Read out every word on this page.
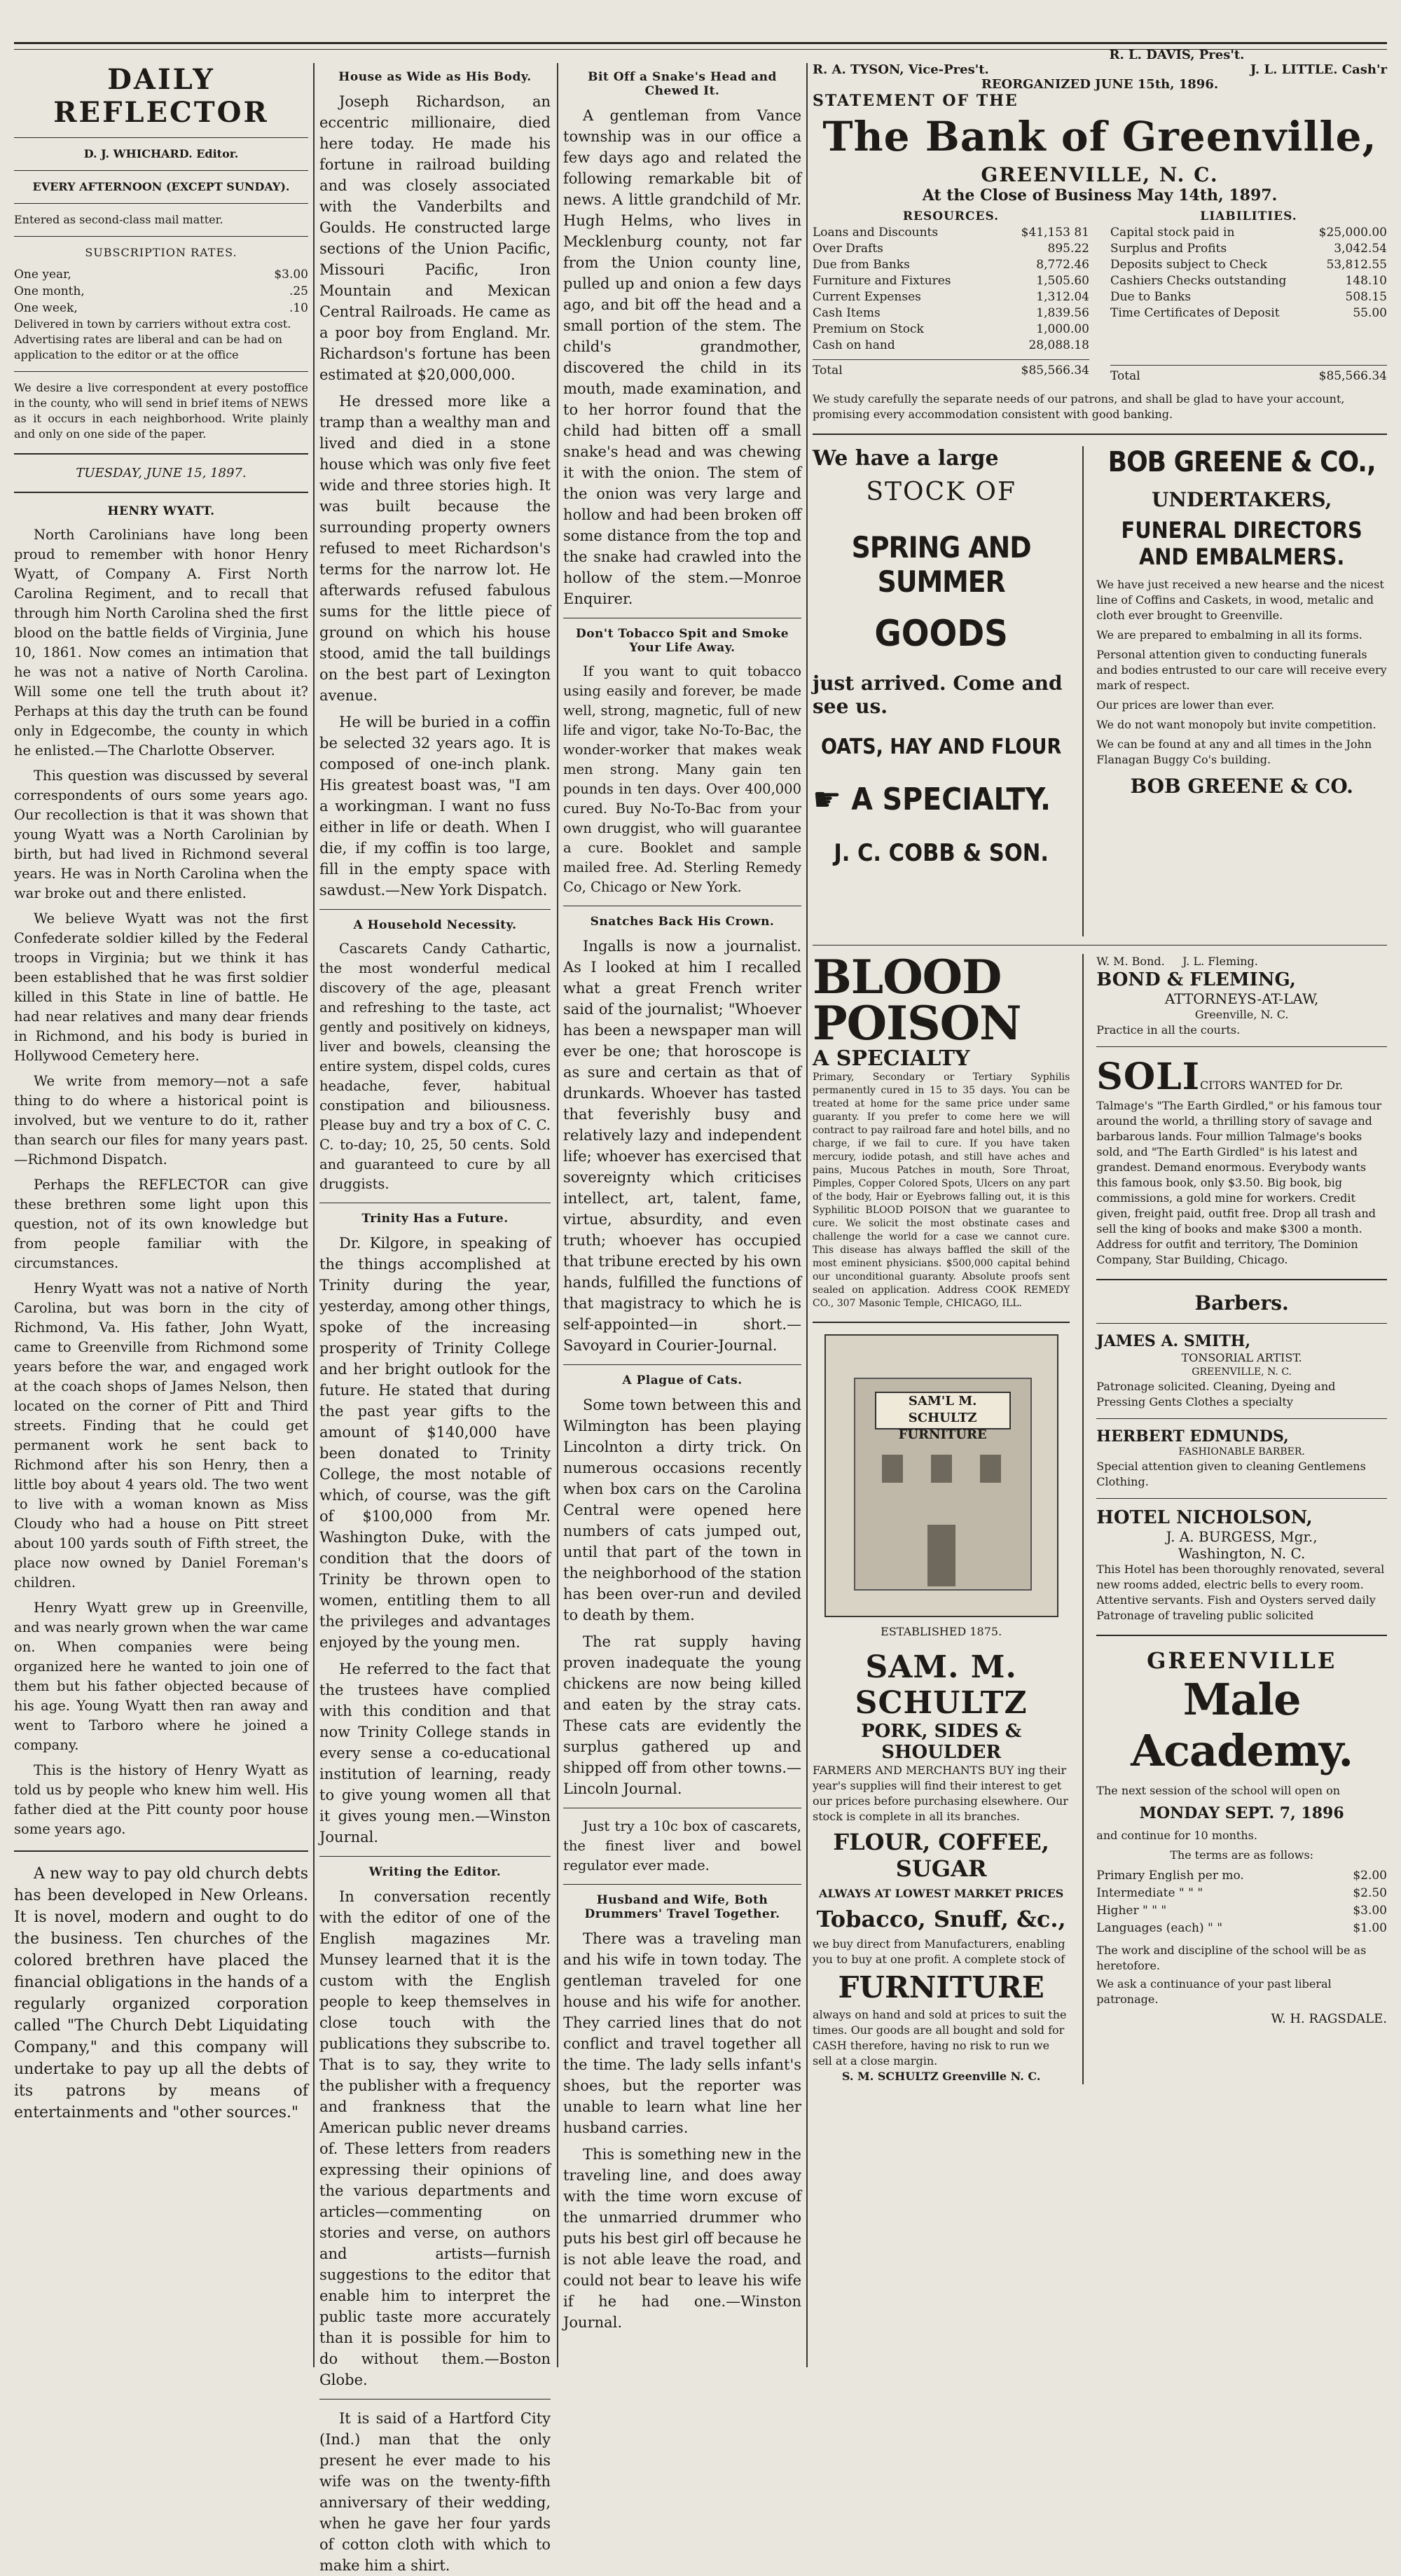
DAILY REFLECTOR
D. J. WHICHARD. Editor.
EVERY AFTERNOON (EXCEPT SUNDAY).
Entered as second-class mail matter.
SUBSCRIPTION RATES.
One year,	$3.00
One month,	.25
One week,	.10
Delivered in town by carriers without extra cost.
Advertising rates are liberal and can be had on application to the editor or at the office
We desire a live correspondent at every postoffice in the county, who will send in brief items of NEWS as it occurs in each neighborhood. Write plainly and only on one side of the paper.
TUESDAY, JUNE 15, 1897.
HENRY WYATT.

North Carolinians have long been proud to remember with honor Henry Wyatt, of Company A. First North Carolina Regiment, and to recall that through him North Carolina shed the first blood on the battle fields of Virginia, June 10, 1861. Now comes an intimation that he was not a native of North Carolina. Will some one tell the truth about it? Perhaps at this day the truth can be found only in Edgecombe, the county in which he enlisted.—The Charlotte Observer.

This question was discussed by several correspondents of ours some years ago. Our recollection is that it was shown that young Wyatt was a North Carolinian by birth, but had lived in Richmond several years. He was in North Carolina when the war broke out and there enlisted.

We believe Wyatt was not the first Confederate soldier killed by the Federal troops in Virginia; but we think it has been established that he was first soldier killed in this State in line of battle. He had near relatives and many dear friends in Richmond, and his body is buried in Hollywood Cemetery here.

We write from memory—not a safe thing to do where a historical point is involved, but we venture to do it, rather than search our files for many years past.—Richmond Dispatch.

Perhaps the REFLECTOR can give these brethren some light upon this question, not of its own knowledge but from people familiar with the circumstances.

Henry Wyatt was not a native of North Carolina, but was born in the city of Richmond, Va. His father, John Wyatt, came to Greenville from Richmond some years before the war, and engaged work at the coach shops of James Nelson, then located on the corner of Pitt and Third streets. Finding that he could get permanent work he sent back to Richmond after his son Henry, then a little boy about 4 years old. The two went to live with a woman known as Miss Cloudy who had a house on Pitt street about 100 yards south of Fifth street, the place now owned by Daniel Foreman's children.

Henry Wyatt grew up in Greenville, and was nearly grown when the war came on. When companies were being organized here he wanted to join one of them but his father objected because of his age. Young Wyatt then ran away and went to Tarboro where he joined a company.

This is the history of Henry Wyatt as told us by people who knew him well. His father died at the Pitt county poor house some years ago.

A new way to pay old church debts has been developed in New Orleans. It is novel, modern and ought to do the business. Ten churches of the colored brethren have placed the financial obligations in the hands of a regularly organized corporation called "The Church Debt Liquidating Company," and this company will undertake to pay up all the debts of its patrons by means of entertainments and "other sources."

House as Wide as His Body.

Joseph Richardson, an eccentric millionaire, died here today. He made his fortune in railroad building and was closely associated with the Vanderbilts and Goulds. He constructed large sections of the Union Pacific, Missouri Pacific, Iron Mountain and Mexican Central Railroads. He came as a poor boy from England. Mr. Richardson's fortune has been estimated at $20,000,000.

He dressed more like a tramp than a wealthy man and lived and died in a stone house which was only five feet wide and three stories high. It was built because the surrounding property owners refused to meet Richardson's terms for the narrow lot. He afterwards refused fabulous sums for the little piece of ground on which his house stood, amid the tall buildings on the best part of Lexington avenue.

He will be buried in a coffin be selected 32 years ago. It is composed of one-inch plank. His greatest boast was, "I am a workingman. I want no fuss either in life or death. When I die, if my coffin is too large, fill in the empty space with sawdust.—New York Dispatch.

A Household Necessity.

Cascarets Candy Cathartic, the most wonderful medical discovery of the age, pleasant and refreshing to the taste, act gently and positively on kidneys, liver and bowels, cleansing the entire system, dispel colds, cures headache, fever, habitual constipation and biliousness. Please buy and try a box of C. C. C. to-day; 10, 25, 50 cents. Sold and guaranteed to cure by all druggists.

Trinity Has a Future.

Dr. Kilgore, in speaking of the things accomplished at Trinity during the year, yesterday, among other things, spoke of the increasing prosperity of Trinity College and her bright outlook for the future. He stated that during the past year gifts to the amount of $140,000 have been donated to Trinity College, the most notable of which, of course, was the gift of $100,000 from Mr. Washington Duke, with the condition that the doors of Trinity be thrown open to women, entitling them to all the privileges and advantages enjoyed by the young men.

He referred to the fact that the trustees have complied with this condition and that now Trinity College stands in every sense a co-educational institution of learning, ready to give young women all that it gives young men.—Winston Journal.

Writing the Editor.

In conversation recently with the editor of one of the English magazines Mr. Munsey learned that it is the custom with the English people to keep themselves in close touch with the publications they subscribe to. That is to say, they write to the publisher with a frequency and frankness that the American public never dreams of. These letters from readers expressing their opinions of the various departments and articles—commenting on stories and verse, on authors and artists—furnish suggestions to the editor that enable him to interpret the public taste more accurately than it is possible for him to do without them.—Boston Globe.

It is said of a Hartford City (Ind.) man that the only present he ever made to his wife was on the twenty-fifth anniversary of their wedding, when he gave her four yards of cotton cloth with which to make him a shirt.

Bit Off a Snake's Head and Chewed It.

A gentleman from Vance township was in our office a few days ago and related the following remarkable bit of news. A little grandchild of Mr. Hugh Helms, who lives in Mecklenburg county, not far from the Union county line, pulled up and onion a few days ago, and bit off the head and a small portion of the stem. The child's grandmother, discovered the child in its mouth, made examination, and to her horror found that the child had bitten off a small snake's head and was chewing it with the onion. The stem of the onion was very large and hollow and had been broken off some distance from the top and the snake had crawled into the hollow of the stem.—Monroe Enquirer.

Don't Tobacco Spit and Smoke Your Life Away.

If you want to quit tobacco using easily and forever, be made well, strong, magnetic, full of new life and vigor, take No-To-Bac, the wonder-worker that makes weak men strong. Many gain ten pounds in ten days. Over 400,000 cured. Buy No-To-Bac from your own druggist, who will guarantee a cure. Booklet and sample mailed free. Ad. Sterling Remedy Co, Chicago or New York.

Snatches Back His Crown.

Ingalls is now a journalist. As I looked at him I recalled what a great French writer said of the journalist; "Whoever has been a newspaper man will ever be one; that horoscope is as sure and certain as that of drunkards. Whoever has tasted that feverishly busy and relatively lazy and independent life; whoever has exercised that sovereignty which criticises intellect, art, talent, fame, virtue, absurdity, and even truth; whoever has occupied that tribune erected by his own hands, fulfilled the functions of that magistracy to which he is self-appointed—in short.—Savoyard in Courier-Journal.

A Plague of Cats.

Some town between this and Wilmington has been playing Lincolnton a dirty trick. On numerous occasions recently when box cars on the Carolina Central were opened here numbers of cats jumped out, until that part of the town in the neighborhood of the station has been over-run and deviled to death by them.

The rat supply having proven inadequate the young chickens are now being killed and eaten by the stray cats. These cats are evidently the surplus gathered up and shipped off from other towns.—Lincoln Journal.

Just try a 10c box of cascarets, the finest liver and bowel regulator ever made.

Husband and Wife, Both Drummers' Travel Together.

There was a traveling man and his wife in town today. The gentleman traveled for one house and his wife for another. They carried lines that do not conflict and travel together all the time. The lady sells infant's shoes, but the reporter was unable to learn what line her husband carries.

This is something new in the traveling line, and does away with the time worn excuse of the unmarried drummer who puts his best girl off because he is not able leave the road, and could not bear to leave his wife if he had one.—Winston Journal.

R. L. DAVIS, Pres't.
R. A. TYSON, Vice-Pres't.	J. L. LITTLE. Cash'r
REORGANIZED JUNE 15th, 1896.
STATEMENT OF THE
The Bank of Greenville,
GREENVILLE, N. C.
At the Close of Business May 14th, 1897.
RESOURCES.
Loans and Discounts	$41,153 81
Over Drafts	895.22
Due from Banks	8,772.46
Furniture and Fixtures	1,505.60
Current Expenses	1,312.04
Cash Items	1,839.56
Premium on Stock	1,000.00
Cash on hand	28,088.18
Total	$85,566.34
LIABILITIES.
Capital stock paid in	$25,000.00
Surplus and Profits	3,042.54
Deposits subject to Check	53,812.55
Cashiers Checks outstanding	148.10
Due to Banks	508.15
Time Certificates of Deposit	55.00
Total	$85,566.34
We study carefully the separate needs of our patrons, and shall be glad to have your account, promising every accommodation consistent with good banking.
We have a large
STOCK OF
SPRING AND SUMMER
GOODS
just arrived. Come and see us.
OATS, HAY AND FLOUR
☛ A SPECIALTY.
J. C. COBB & SON.
BOB GREENE & CO.,
UNDERTAKERS,
FUNERAL DIRECTORS AND EMBALMERS.
We have just received a new hearse and the nicest line of Coffins and Caskets, in wood, metalic and cloth ever brought to Greenville.
We are prepared to embalming in all its forms.
Personal attention given to conducting funerals and bodies entrusted to our care will receive every mark of respect.
Our prices are lower than ever.
We do not want monopoly but invite competition.
We can be found at any and all times in the John Flanagan Buggy Co's building.
BOB GREENE & CO.
BLOOD POISON
A SPECIALTY
Primary, Secondary or Tertiary Syphilis permanently cured in 15 to 35 days. You can be treated at home for the same price under same guaranty. If you prefer to come here we will contract to pay railroad fare and hotel bills, and no charge, if we fail to cure. If you have taken mercury, iodide potash, and still have aches and pains, Mucous Patches in mouth, Sore Throat, Pimples, Copper Colored Spots, Ulcers on any part of the body, Hair or Eyebrows falling out, it is this Syphilitic BLOOD POISON that we guarantee to cure. We solicit the most obstinate cases and challenge the world for a case we cannot cure. This disease has always baffled the skill of the most eminent physicians. $500,000 capital behind our unconditional guaranty. Absolute proofs sent sealed on application. Address COOK REMEDY CO., 307 Masonic Temple, CHICAGO, ILL.
SAM'L M. SCHULTZ
FURNITURE
ESTABLISHED 1875.
SAM. M. SCHULTZ
PORK, SIDES & SHOULDER
FARMERS AND MERCHANTS BUY ing their year's supplies will find their interest to get our prices before purchasing elsewhere. Our stock is complete in all its branches.
FLOUR, COFFEE, SUGAR
ALWAYS AT LOWEST MARKET PRICES
Tobacco, Snuff, &c.,
we buy direct from Manufacturers, enabling you to buy at one profit. A complete stock of
FURNITURE
always on hand and sold at prices to suit the times. Our goods are all bought and sold for CASH therefore, having no risk to run we sell at a close margin.
S. M. SCHULTZ Greenville N. C.
W. M. Bond.     J. L. Fleming.
BOND & FLEMING,
ATTORNEYS-AT-LAW,
Greenville, N. C.
Practice in all the courts.
SOLICITORS WANTED for Dr. Talmage's "The Earth Girdled," or his famous tour around the world, a thrilling story of savage and barbarous lands. Four million Talmage's books sold, and "The Earth Girdled" is his latest and grandest. Demand enormous. Everybody wants this famous book, only $3.50. Big book, big commissions, a gold mine for workers. Credit given, freight paid, outfit free. Drop all trash and sell the king of books and make $300 a month. Address for outfit and territory, The Dominion Company, Star Building, Chicago.
Barbers.
JAMES A. SMITH,
TONSORIAL ARTIST.
GREENVILLE, N. C.
Patronage solicited. Cleaning, Dyeing and Pressing Gents Clothes a specialty
HERBERT EDMUNDS,
FASHIONABLE BARBER.
Special attention given to cleaning Gentlemens Clothing.
HOTEL NICHOLSON,
J. A. BURGESS, Mgr.,
Washington, N. C.
This Hotel has been thoroughly renovated, several new rooms added, electric bells to every room. Attentive servants. Fish and Oysters served daily Patronage of traveling public solicited
GREENVILLE
Male Academy.
The next session of the school will open on
MONDAY SEPT. 7, 1896
and continue for 10 months.
The terms are as follows:
Primary English per mo.	$2.00
Intermediate " " "	$2.50
Higher " " "	$3.00
Languages (each) " "	$1.00
The work and discipline of the school will be as heretofore.
We ask a continuance of your past liberal patronage.
W. H. RAGSDALE.
